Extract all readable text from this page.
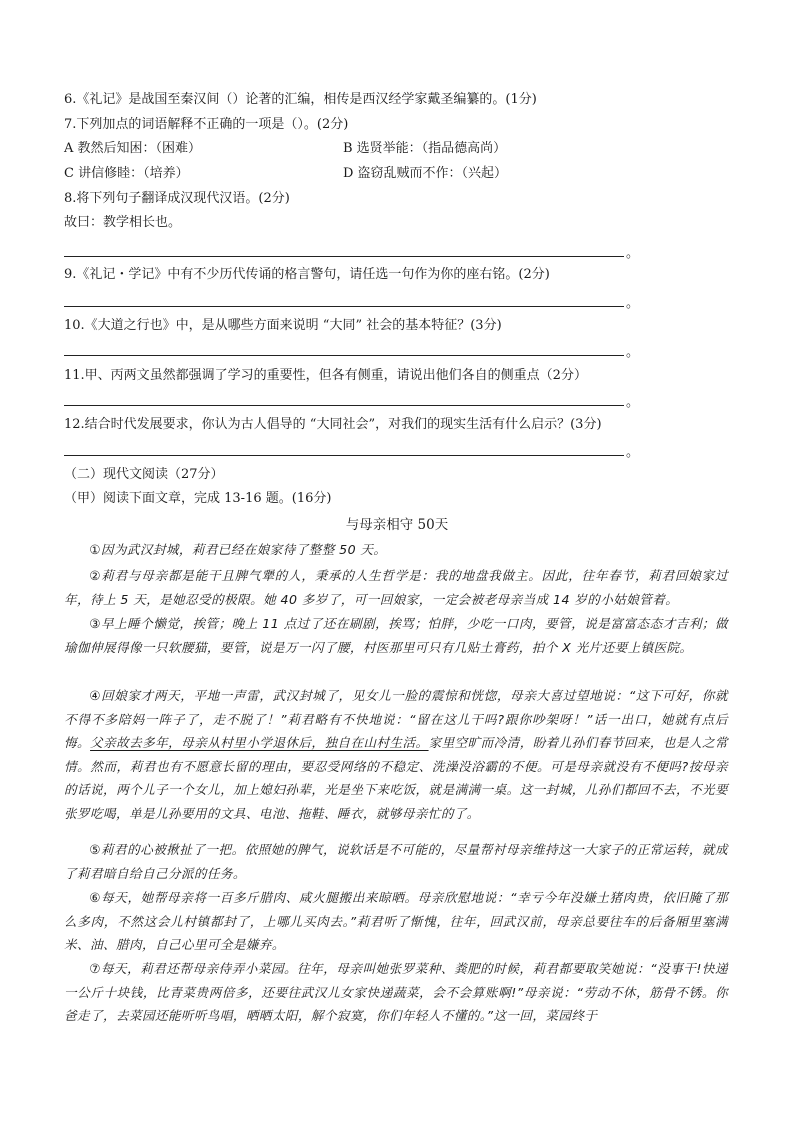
6.《礼记》是战国至秦汉间（）论著的汇编，相传是西汉经学家戴圣编纂的。(1分)
7.下列加点的词语解释不正确的一项是（）。(2分)
A 教然后知困：（困难）	B 选贤举能：（指品德高尚）
C 讲信修睦：（培养）	D 盗窃乱贼而不作：（兴起）
8.将下列句子翻译成汉现代汉语。(2分)
故曰：教学相长也。
。
9.《礼记・学记》中有不少历代传诵的格言警句，请任选一句作为你的座右铭。(2分)
。
10.《大道之行也》中，是从哪些方面来说明 “大同” 社会的基本特征？(3分)
。
11.甲、丙两文虽然都强调了学习的重要性，但各有侧重，请说出他们各自的侧重点（2分）
。
12.结合时代发展要求，你认为古人倡导的 “大同社会”，对我们的现实生活有什么启示？(3分)
。
（二）现代文阅读（27分）
（甲）阅读下面文章，完成 13-16 题。(16分)
与母亲相守 50天
①因为武汉封城，莉君已经在娘家待了整整 50 天。
②莉君与母亲都是能干且脾气犟的人，秉承的人生哲学是：我的地盘我做主。因此，往年春节，莉君回娘家过年，待上 5 天，是她忍受的极限。她 40 多岁了，可一回娘家，一定会被老母亲当成 14 岁的小姑娘管着。
③早上睡个懒觉，挨管；晚上 11 点过了还在刷剧，挨骂；怕胖，少吃一口肉，要管，说是富富态态才吉利；做瑜伽伸展得像一只软腰猫，要管，说是万一闪了腰，村医那里可只有几贴土膏药，拍个 X 光片还要上镇医院。
④回娘家才两天，平地一声雷，武汉封城了，见女儿一脸的震惊和恍惚，母亲大喜过望地说：“这下可好，你就不得不多陪妈一阵子了，走不脱了！”莉君略有不快地说：“留在这儿干吗?跟你吵架呀！”话一出口，她就有点后悔。父亲故去多年，母亲从村里小学退休后，独自在山村生活。家里空旷而冷清，盼着儿孙们春节回来，也是人之常情。然而，莉君也有不愿意长留的理由，要忍受网络的不稳定、洗澡没浴霸的不便。可是母亲就没有不便吗?按母亲的话说，两个儿子一个女儿，加上媳妇孙辈，光是坐下来吃饭，就是满满一桌。这一封城，儿孙们都回不去，不光要张罗吃喝，单是儿孙要用的文具、电池、拖鞋、睡衣，就够母亲忙的了。
⑤莉君的心被揪扯了一把。依照她的脾气，说软话是不可能的，尽量帮衬母亲维持这一大家子的正常运转，就成了莉君暗自给自己分派的任务。
⑥每天，她帮母亲将一百多斤腊肉、咸火腿搬出来晾晒。母亲欣慰地说：“幸亏今年没嫌土猪肉贵，依旧腌了那么多肉，不然这会儿村镇都封了，上哪儿买肉去。”莉君听了惭愧，往年，回武汉前，母亲总要往车的后备厢里塞满米、油、腊肉，自己心里可全是嫌弃。
⑦每天，莉君还帮母亲侍弄小菜园。往年，母亲叫她张罗菜种、粪肥的时候，莉君都要取笑她说：“没事干!快递一公斤十块钱，比青菜贵两倍多，还要往武汉儿女家快递蔬菜，会不会算账啊!”母亲说：“劳动不休，筋骨不锈。你爸走了，去菜园还能听听鸟唱，晒晒太阳，解个寂寞，你们年轻人不懂的。”这一回，菜园终于
